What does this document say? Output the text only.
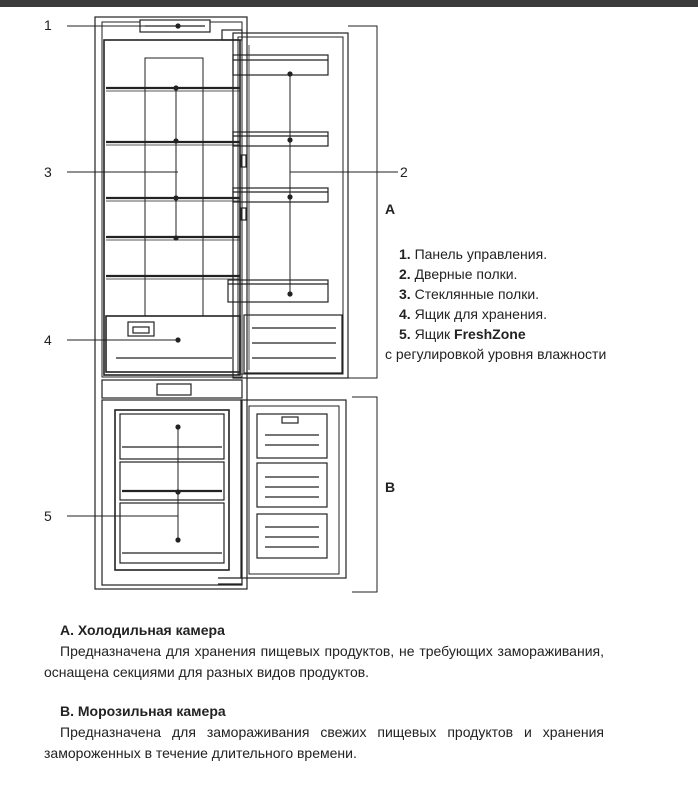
1
2
3
4
5
A
B
1. Панель управления.
2. Дверные полки.
3. Стеклянные полки.
4. Ящик для хранения.
5. Ящик FreshZone
с регулировкой уровня влажности
A. Холодильная камера

Предназначена для хранения пищевых продуктов, не требующих замораживания, оснащена секциями для разных видов продуктов.

B. Морозильная камера

Предназначена для замораживания свежих пищевых продуктов и хранения замороженных в течение длительного времени.
